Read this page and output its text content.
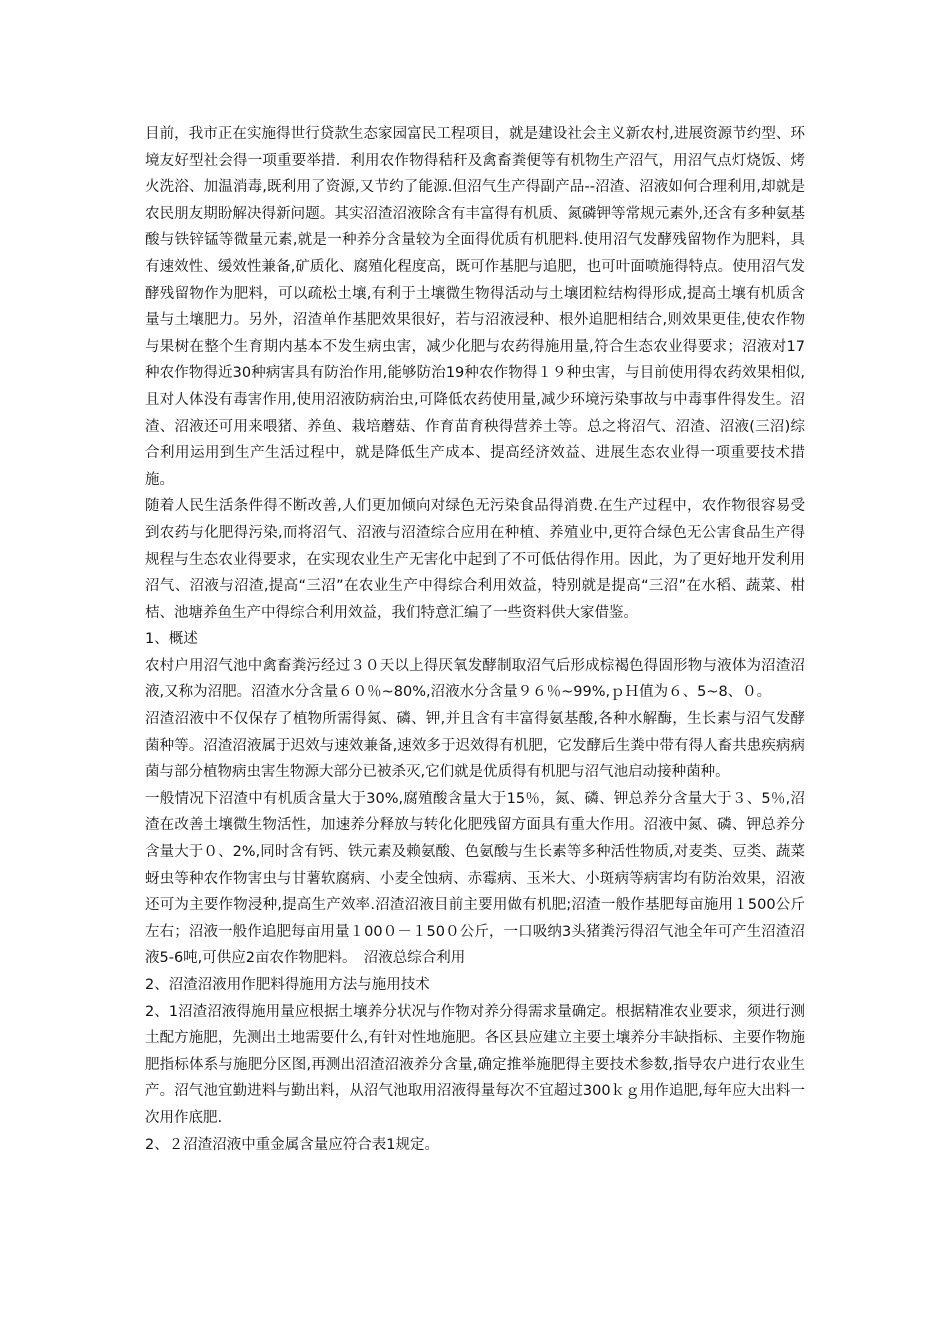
目前，我市正在实施得世行贷款生态家园富民工程项目，就是建设社会主义新农村,进展资源节约型、环境友好型社会得一项重要举措．利用农作物得秸秆及禽畜粪便等有机物生产沼气，用沼气点灯烧饭、烤火洗浴、加温消毒,既利用了资源,又节约了能源.但沼气生产得副产品--沼渣、沼液如何合理利用,却就是农民朋友期盼解决得新问题。其实沼渣沼液除含有丰富得有机质、氮磷钾等常规元素外,还含有多种氨基酸与铁锌锰等微量元素,就是一种养分含量较为全面得优质有机肥料.使用沼气发酵残留物作为肥料，具有速效性、缓效性兼备,矿质化、腐殖化程度高，既可作基肥与追肥，也可叶面喷施得特点。使用沼气发酵残留物作为肥料，可以疏松土壤,有利于土壤微生物得活动与土壤团粒结构得形成,提高土壤有机质含量与土壤肥力。另外，沼渣单作基肥效果很好，若与沼液浸种、根外追肥相结合,则效果更佳,使农作物与果树在整个生育期内基本不发生病虫害，减少化肥与农药得施用量,符合生态农业得要求；沼液对17种农作物得近30种病害具有防治作用,能够防治19种农作物得１９种虫害，与目前使用得农药效果相似,且对人体没有毒害作用,使用沼液防病治虫,可降低农药使用量,减少环境污染事故与中毒事件得发生。沼渣、沼液还可用来喂猪、养鱼、栽培蘑菇、作育苗育秧得营养土等。总之将沼气、沼渣、沼液(三沼)综合利用运用到生产生活过程中，就是降低生产成本、提高经济效益、进展生态农业得一项重要技术措施。

随着人民生活条件得不断改善,人们更加倾向对绿色无污染食品得消费.在生产过程中，农作物很容易受到农药与化肥得污染,而将沼气、沼液与沼渣综合应用在种植、养殖业中,更符合绿色无公害食品生产得规程与生态农业得要求，在实现农业生产无害化中起到了不可低估得作用。因此，为了更好地开发利用沼气、沼液与沼渣,提高“三沼”在农业生产中得综合利用效益，特别就是提高“三沼”在水稻、蔬菜、柑桔、池塘养鱼生产中得综合利用效益，我们特意汇编了一些资料供大家借鉴。

1、概述

农村户用沼气池中禽畜粪污经过３０天以上得厌氧发酵制取沼气后形成棕褐色得固形物与液体为沼渣沼液,又称为沼肥。沼渣水分含量６０％~80%,沼液水分含量９６％~99%,ｐＨ值为６、5~8、０。

沼渣沼液中不仅保存了植物所需得氮、磷、钾,并且含有丰富得氨基酸,各种水解酶，生长素与沼气发酵菌种等。沼渣沼液属于迟效与速效兼备,速效多于迟效得有机肥，它发酵后生粪中带有得人畜共患疾病病菌与部分植物病虫害生物源大部分已被杀灭,它们就是优质得有机肥与沼气池启动接种菌种。

一般情况下沼渣中有机质含量大于30%,腐殖酸含量大于15％，氮、磷、钾总养分含量大于３、5％,沼渣在改善土壤微生物活性，加速养分释放与转化化肥残留方面具有重大作用。沼液中氮、磷、钾总养分含量大于０、2%,同时含有钙、铁元素及赖氨酸、色氨酸与生长素等多种活性物质,对麦类、豆类、蔬菜蚜虫等种农作物害虫与甘薯软腐病、小麦全蚀病、赤霉病、玉米大、小斑病等病害均有防治效果，沼液还可为主要作物浸种,提高生产效率.沼渣沼液目前主要用做有机肥;沼渣一般作基肥每亩施用１500公斤左右；沼液一般作追肥每亩用量１00０－１50０公斤，一口吸纳3头猪粪污得沼气池全年可产生沼渣沼液5-6吨,可供应2亩农作物肥料。　沼液总综合利用

2、沼渣沼液用作肥料得施用方法与施用技术

2、1沼渣沼液得施用量应根据土壤养分状况与作物对养分得需求量确定。根据精准农业要求，须进行测土配方施肥，先测出土地需要什么,有针对性地施肥。各区县应建立主要土壤养分丰缺指标、主要作物施肥指标体系与施肥分区图,再测出沼渣沼液养分含量,确定推举施肥得主要技术参数,指导农户进行农业生产。沼气池宜勤进料与勤出料，从沼气池取用沼液得量每次不宜超过300ｋｇ用作追肥,每年应大出料一次用作底肥.

2、２沼渣沼液中重金属含量应符合表1规定。
